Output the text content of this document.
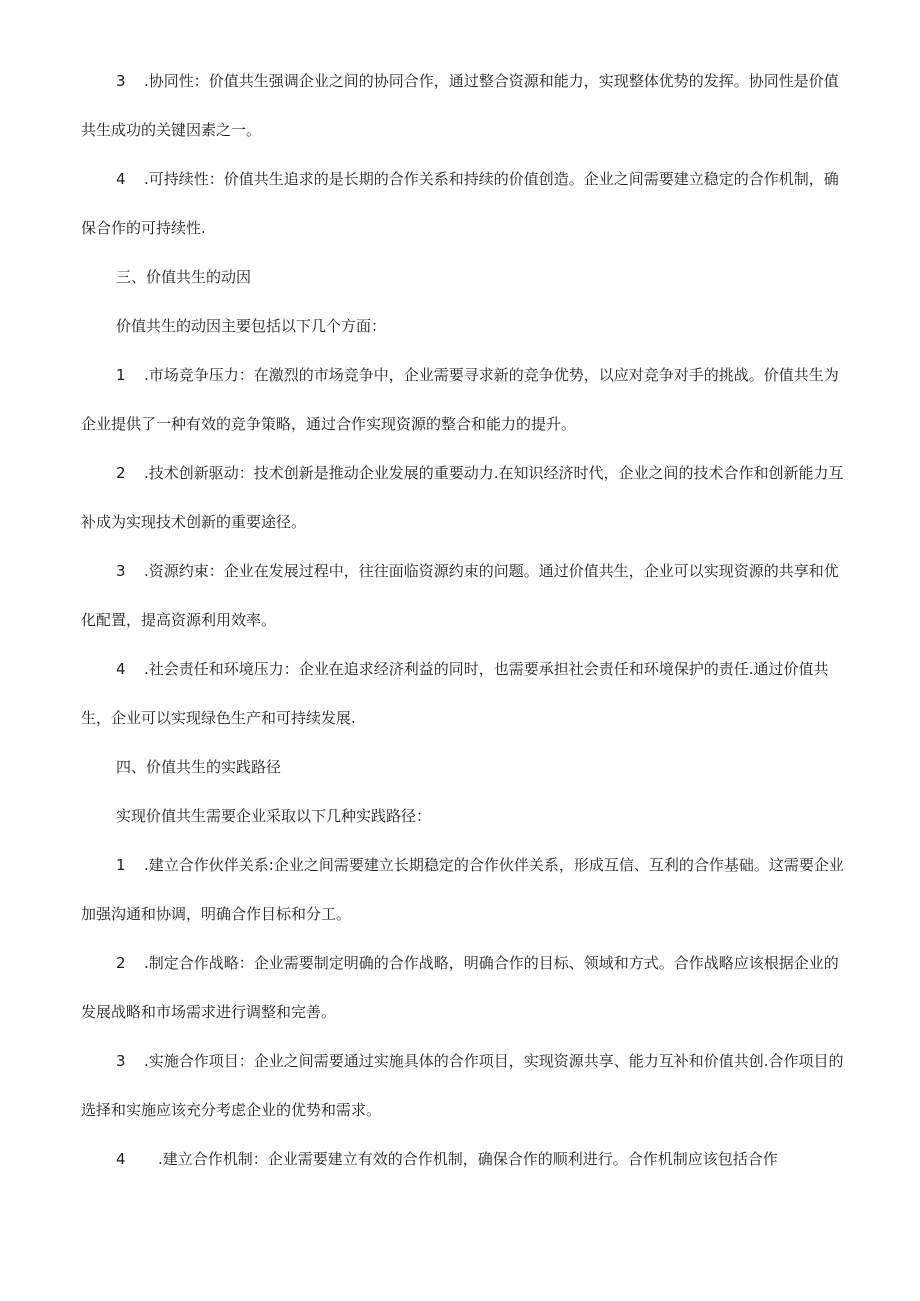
3 .协同性：价值共生强调企业之间的协同合作，通过整合资源和能力，实现整体优势的发挥。协同性是价值共生成功的关键因素之一。

4 .可持续性：价值共生追求的是长期的合作关系和持续的价值创造。企业之间需要建立稳定的合作机制，确保合作的可持续性.

三、价值共生的动因

价值共生的动因主要包括以下几个方面：

1 .市场竞争压力：在激烈的市场竞争中，企业需要寻求新的竞争优势，以应对竞争对手的挑战。价值共生为企业提供了一种有效的竞争策略，通过合作实现资源的整合和能力的提升。

2 .技术创新驱动：技术创新是推动企业发展的重要动力.在知识经济时代，企业之间的技术合作和创新能力互补成为实现技术创新的重要途径。

3 .资源约束：企业在发展过程中，往往面临资源约束的问题。通过价值共生，企业可以实现资源的共享和优化配置，提高资源利用效率。

4 .社会责任和环境压力：企业在追求经济利益的同时，也需要承担社会责任和环境保护的责任.通过价值共生，企业可以实现绿色生产和可持续发展.

四、价值共生的实践路径

实现价值共生需要企业采取以下几种实践路径：

1 .建立合作伙伴关系:企业之间需要建立长期稳定的合作伙伴关系，形成互信、互利的合作基础。这需要企业加强沟通和协调，明确合作目标和分工。

2 .制定合作战略：企业需要制定明确的合作战略，明确合作的目标、领域和方式。合作战略应该根据企业的发展战略和市场需求进行调整和完善。

3 .实施合作项目：企业之间需要通过实施具体的合作项目，实现资源共享、能力互补和价值共创.合作项目的选择和实施应该充分考虑企业的优势和需求。

4 .建立合作机制：企业需要建立有效的合作机制，确保合作的顺利进行。合作机制应该包括合作
